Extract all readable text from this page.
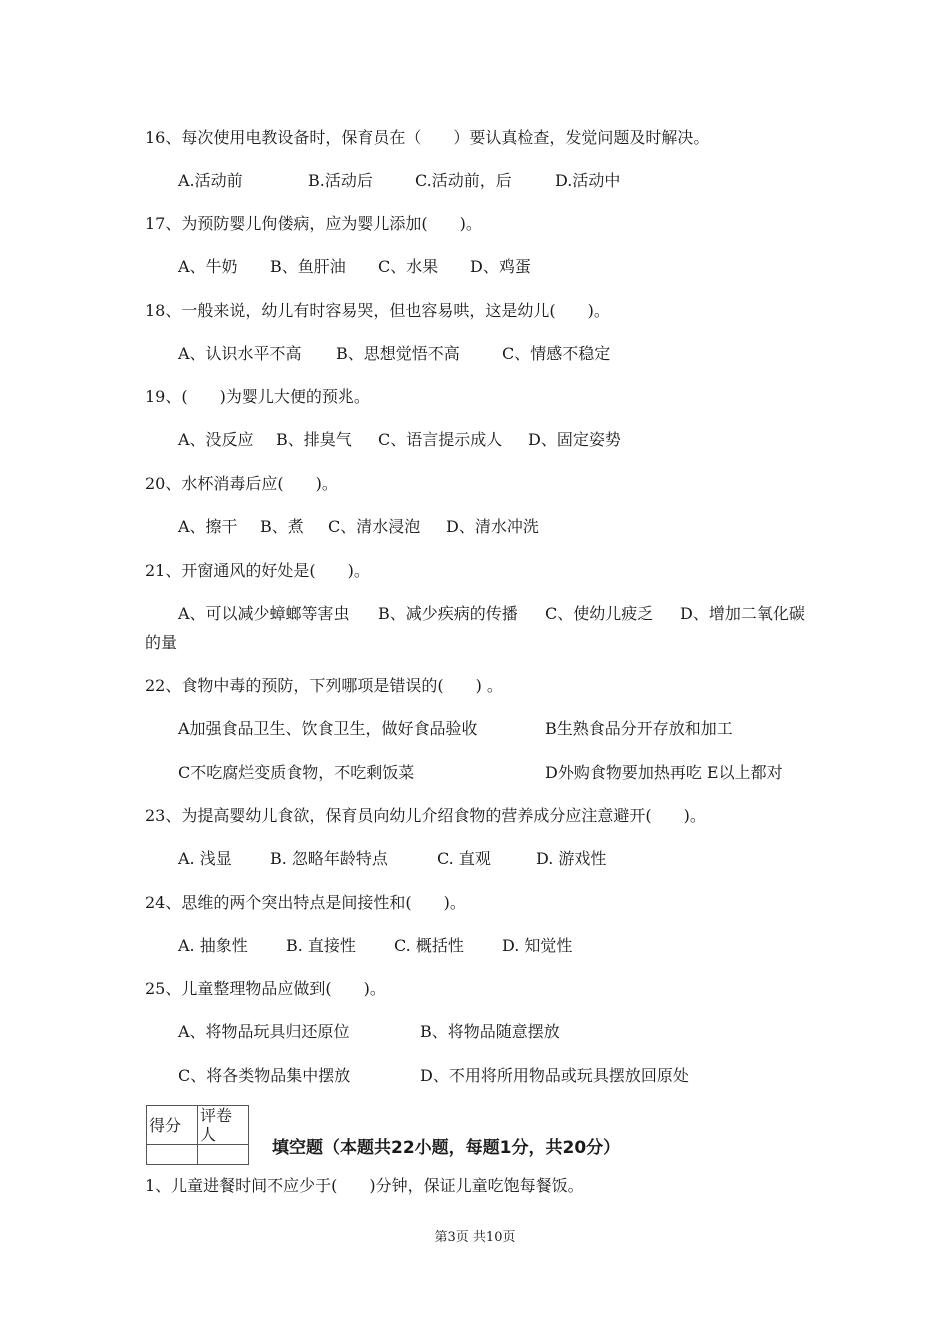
16、每次使用电教设备时，保育员在（　　）要认真检查，发觉问题及时解决。
A.活动前	B.活动后	C.活动前，后	D.活动中
17、为预防婴儿佝偻病，应为婴儿添加(　　)。
A、牛奶 B、鱼肝油 C、水果 D、鸡蛋
18、一般来说，幼儿有时容易哭，但也容易哄，这是幼儿(　　)。
A、认识水平不高 B、思想觉悟不高	C、情感不稳定
19、(　　)为婴儿大便的预兆。
A、没反应 B、排臭气 C、语言提示成人 D、固定姿势
20、水杯消毒后应(　　)。
A、擦干 B、煮 C、清水浸泡 D、清水冲洗
21、开窗通风的好处是(　　)。
A、可以减少蟑螂等害虫 B、减少疾病的传播 C、使幼儿疲乏 D、增加二氧化碳
的量
22、食物中毒的预防，下列哪项是错误的(　　) 。
A加强食品卫生、饮食卫生，做好食品验收	B生熟食品分开存放和加工
C不吃腐烂变质食物，不吃剩饭菜	D外购食物要加热再吃 E以上都对
23、为提高婴幼儿食欲，保育员向幼儿介绍食物的营养成分应注意避开(　　)。
A. 浅显 B. 忽略年龄特点	C. 直观	D. 游戏性
24、思维的两个突出特点是间接性和(　　)。
A. 抽象性 B. 直接性 C. 概括性 D. 知觉性
25、儿童整理物品应做到(　　)。
A、将物品玩具归还原位	B、将物品随意摆放
C、将各类物品集中摆放	D、不用将所用物品或玩具摆放回原处
得分	评卷人

填空题（本题共22小题，每题1分，共20分）
1、儿童进餐时间不应少于(　　)分钟，保证儿童吃饱每餐饭。
第3页 共10页
